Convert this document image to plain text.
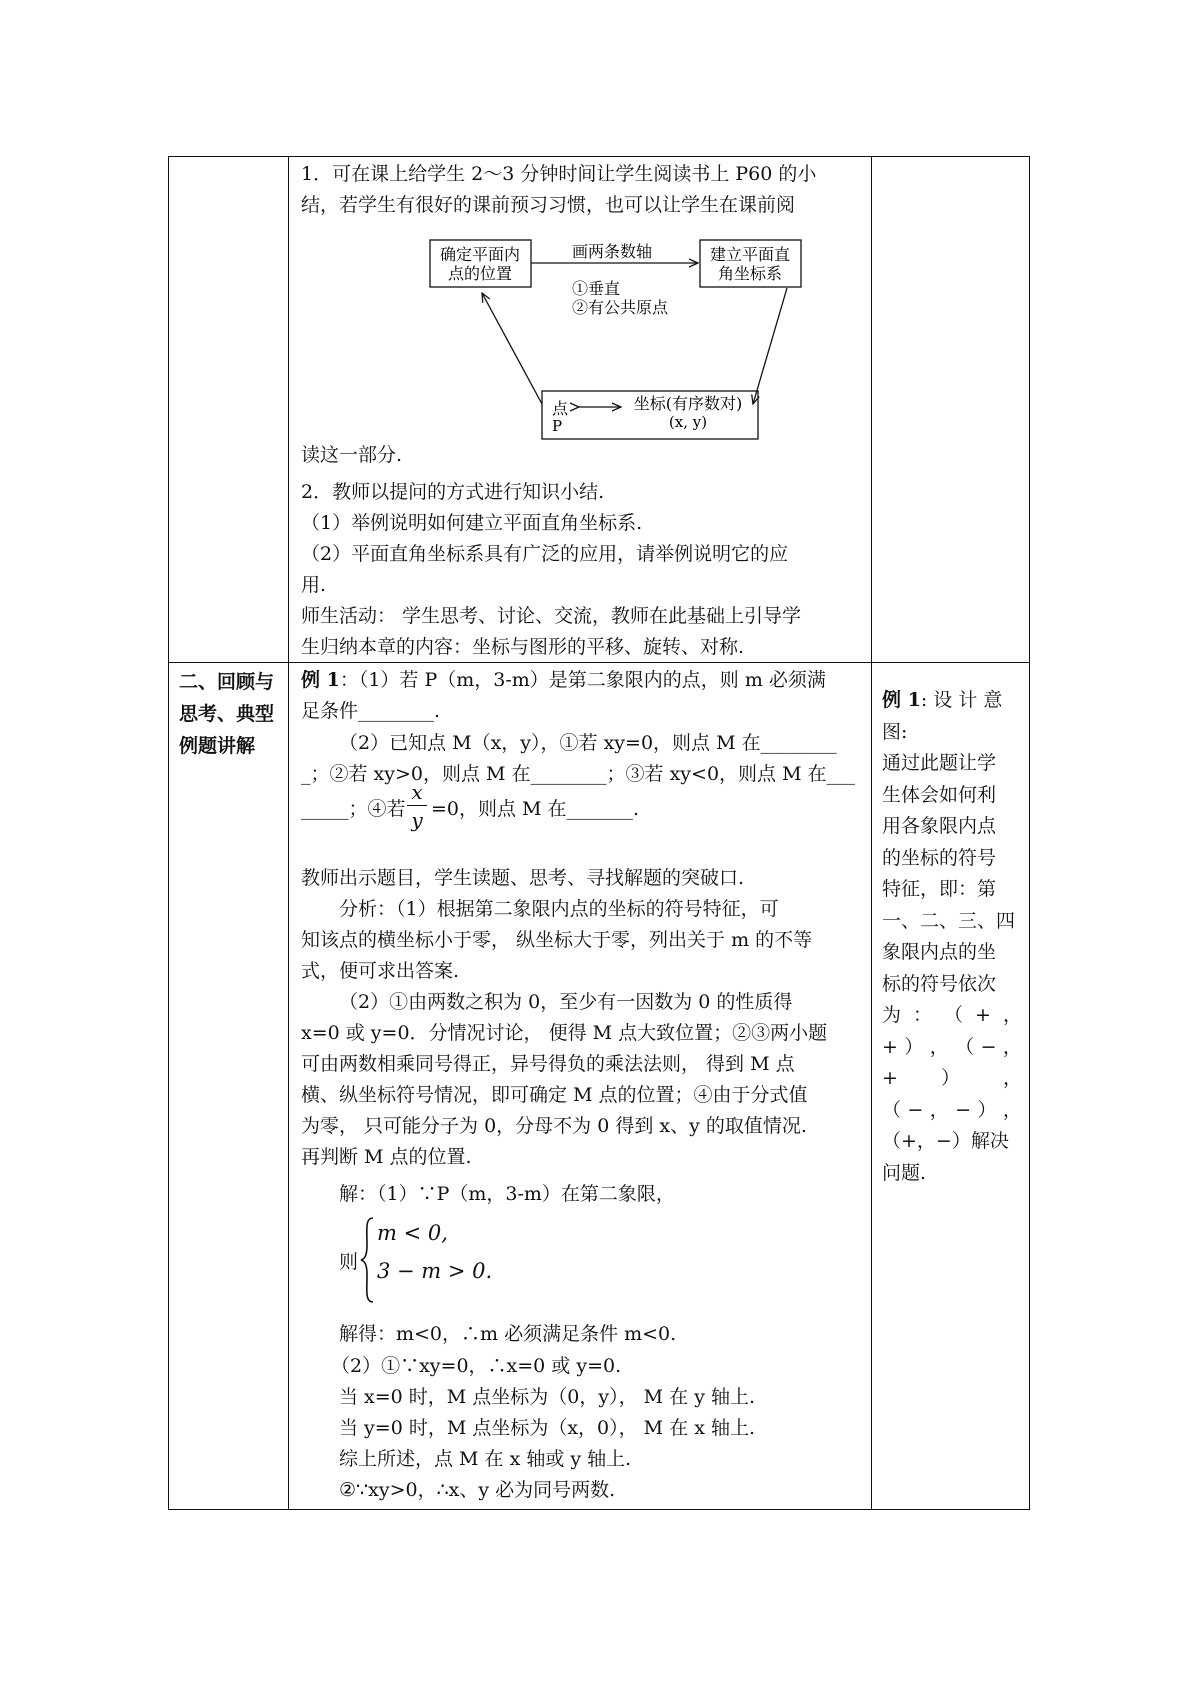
1．可在课上给学生 2～3 分钟时间让学生阅读书上 P60 的小
结，若学生有很好的课前预习习惯，也可以让学生在课前阅
确定平面内
点的位置
建立平面直
角坐标系
画两条数轴
①垂直
②有公共原点
点
P
坐标(有序数对)
(x, y)
读这一部分.
2．教师以提问的方式进行知识小结.
（1）举例说明如何建立平面直角坐标系.
（2）平面直角坐标系具有广泛的应用，请举例说明它的应
用.
师生活动： 学生思考、讨论、交流，教师在此基础上引导学
生归纳本章的内容：坐标与图形的平移、旋转、对称.
二、回顾与
思考、典型
例题讲解
例 1：（1）若 P（m，3-m）是第二象限内的点，则 m 必须满
足条件________.
（2）已知点 M（x，y），①若 xy=0，则点 M 在________
_；②若 xy>0，则点 M 在________；③若 xy<0，则点 M 在___
_____；④若
x
y =0，则点 M 在_______.
教师出示题目，学生读题、思考、寻找解题的突破口.
分析：（1）根据第二象限内点的坐标的符号特征，可
知该点的横坐标小于零， 纵坐标大于零，列出关于 m 的不等
式，便可求出答案.
（2）①由两数之积为 0，至少有一因数为 0 的性质得
x=0 或 y=0．分情况讨论， 便得 M 点大致位置；②③两小题
可由两数相乘同号得正，异号得负的乘法法则， 得到 M 点
横、纵坐标符号情况，即可确定 M 点的位置；④由于分式值
为零， 只可能分子为 0，分母不为 0 得到 x、y 的取值情况.
再判断 M 点的位置.
解：（1）∵P（m，3-m）在第二象限，
则
m < 0,
3 − m > 0.
解得：m<0，∴m 必须满足条件 m<0.
（2）①∵xy=0，∴x=0 或 y=0.
当 x=0 时，M 点坐标为（0，y）， M 在 y 轴上.
当 y=0 时，M 点坐标为（x，0）， M 在 x 轴上.
综上所述，点 M 在 x 轴或 y 轴上.
②∵xy>0，∴x、y 必为同号两数.

例 1: 设 计 意

图:

通过此题让学

生体会如何利

用各象限内点

的坐标的符号

特征，即：第

一、二、三、四

象限内点的坐

标的符号依次

为 ： （ + ，

+ ） ， （ − ，

+ ） ，

（ − ， − ） ，

（+，−）解决

问题.
